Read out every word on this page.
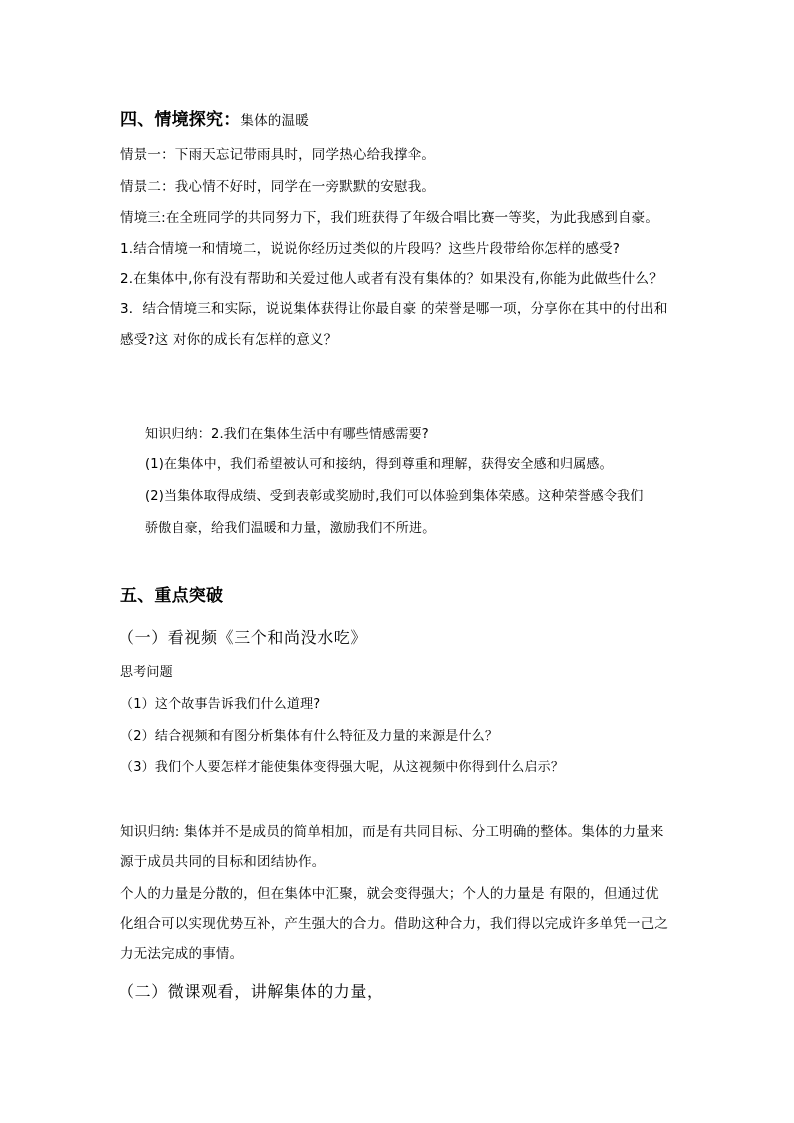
四、情境探究：集体的温暖
情景一：下雨天忘记带雨具时，同学热心给我撑伞。
情景二：我心情不好时，同学在一旁默默的安慰我。
情境三:在全班同学的共同努力下，我们班获得了年级合唱比赛一等奖，为此我感到自豪。
1.结合情境一和情境二，说说你经历过类似的片段吗？这些片段带给你怎样的感受?
2.在集体中,你有没有帮助和关爱过他人或者有没有集体的？如果没有,你能为此做些什么？
3．结合情境三和实际，说说集体获得让你最自豪 的荣誉是哪一项，分享你在其中的付出和
感受?这 对你的成长有怎样的意义？
知识归纳：2.我们在集体生活中有哪些情感需要?
(1)在集体中，我们希望被认可和接纳，得到尊重和理解，获得安全感和归属感。
(2)当集体取得成绩、受到表彰或奖励时,我们可以体验到集体荣感。这种荣誉感令我们
骄傲自豪，给我们温暖和力量，激励我们不所进。
五、重点突破
（一）看视频《三个和尚没水吃》
思考问题
（1）这个故事告诉我们什么道理?
（2）结合视频和有图分析集体有什么特征及力量的来源是什么？
（3）我们个人要怎样才能使集体变得强大呢，从这视频中你得到什么启示？
知识归纳: 集体并不是成员的简单相加，而是有共同目标、分工明确的整体。集体的力量来
源于成员共同的目标和团结协作。
个人的力量是分散的，但在集体中汇聚，就会变得强大；个人的力量是 有限的，但通过优
化组合可以实现优势互补，产生强大的合力。借助这种合力，我们得以完成许多单凭一己之
力无法完成的事情。
（二）微课观看，讲解集体的力量，
